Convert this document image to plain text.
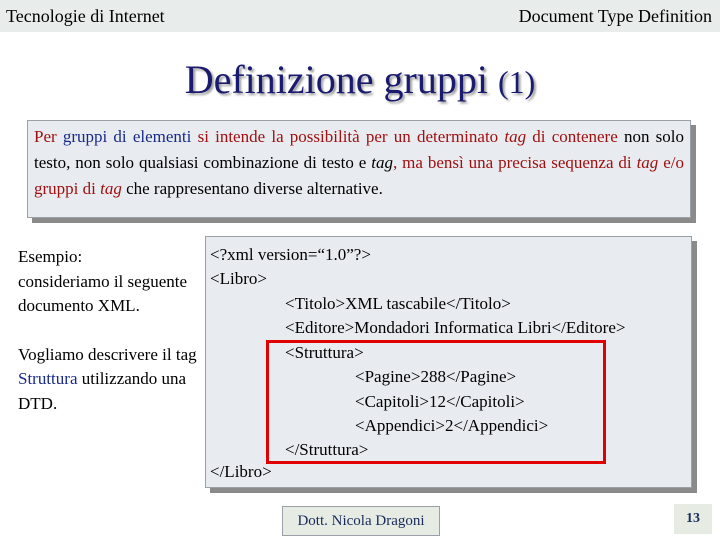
Tecnologie di Internet	Document Type Definition
Definizione gruppi (1)
Per gruppi di elementi si intende la possibilità per un determinato tag di contenere non solo testo, non solo qualsiasi combinazione di testo e tag, ma bensì una precisa sequenza di tag e/o gruppi di tag che rappresentano diverse alternative.
Esempio:
consideriamo il seguente documento XML.
Vogliamo descrivere il tag Struttura utilizzando una DTD.
<?xml version=“1.0”?>
<Libro>
<Titolo>XML tascabile</Titolo>
<Editore>Mondadori Informatica Libri</Editore>
<Struttura>
<Pagine>288</Pagine>
<Capitoli>12</Capitoli>
<Appendici>2</Appendici>
</Struttura>
</Libro>
Dott. Nicola Dragoni	13
